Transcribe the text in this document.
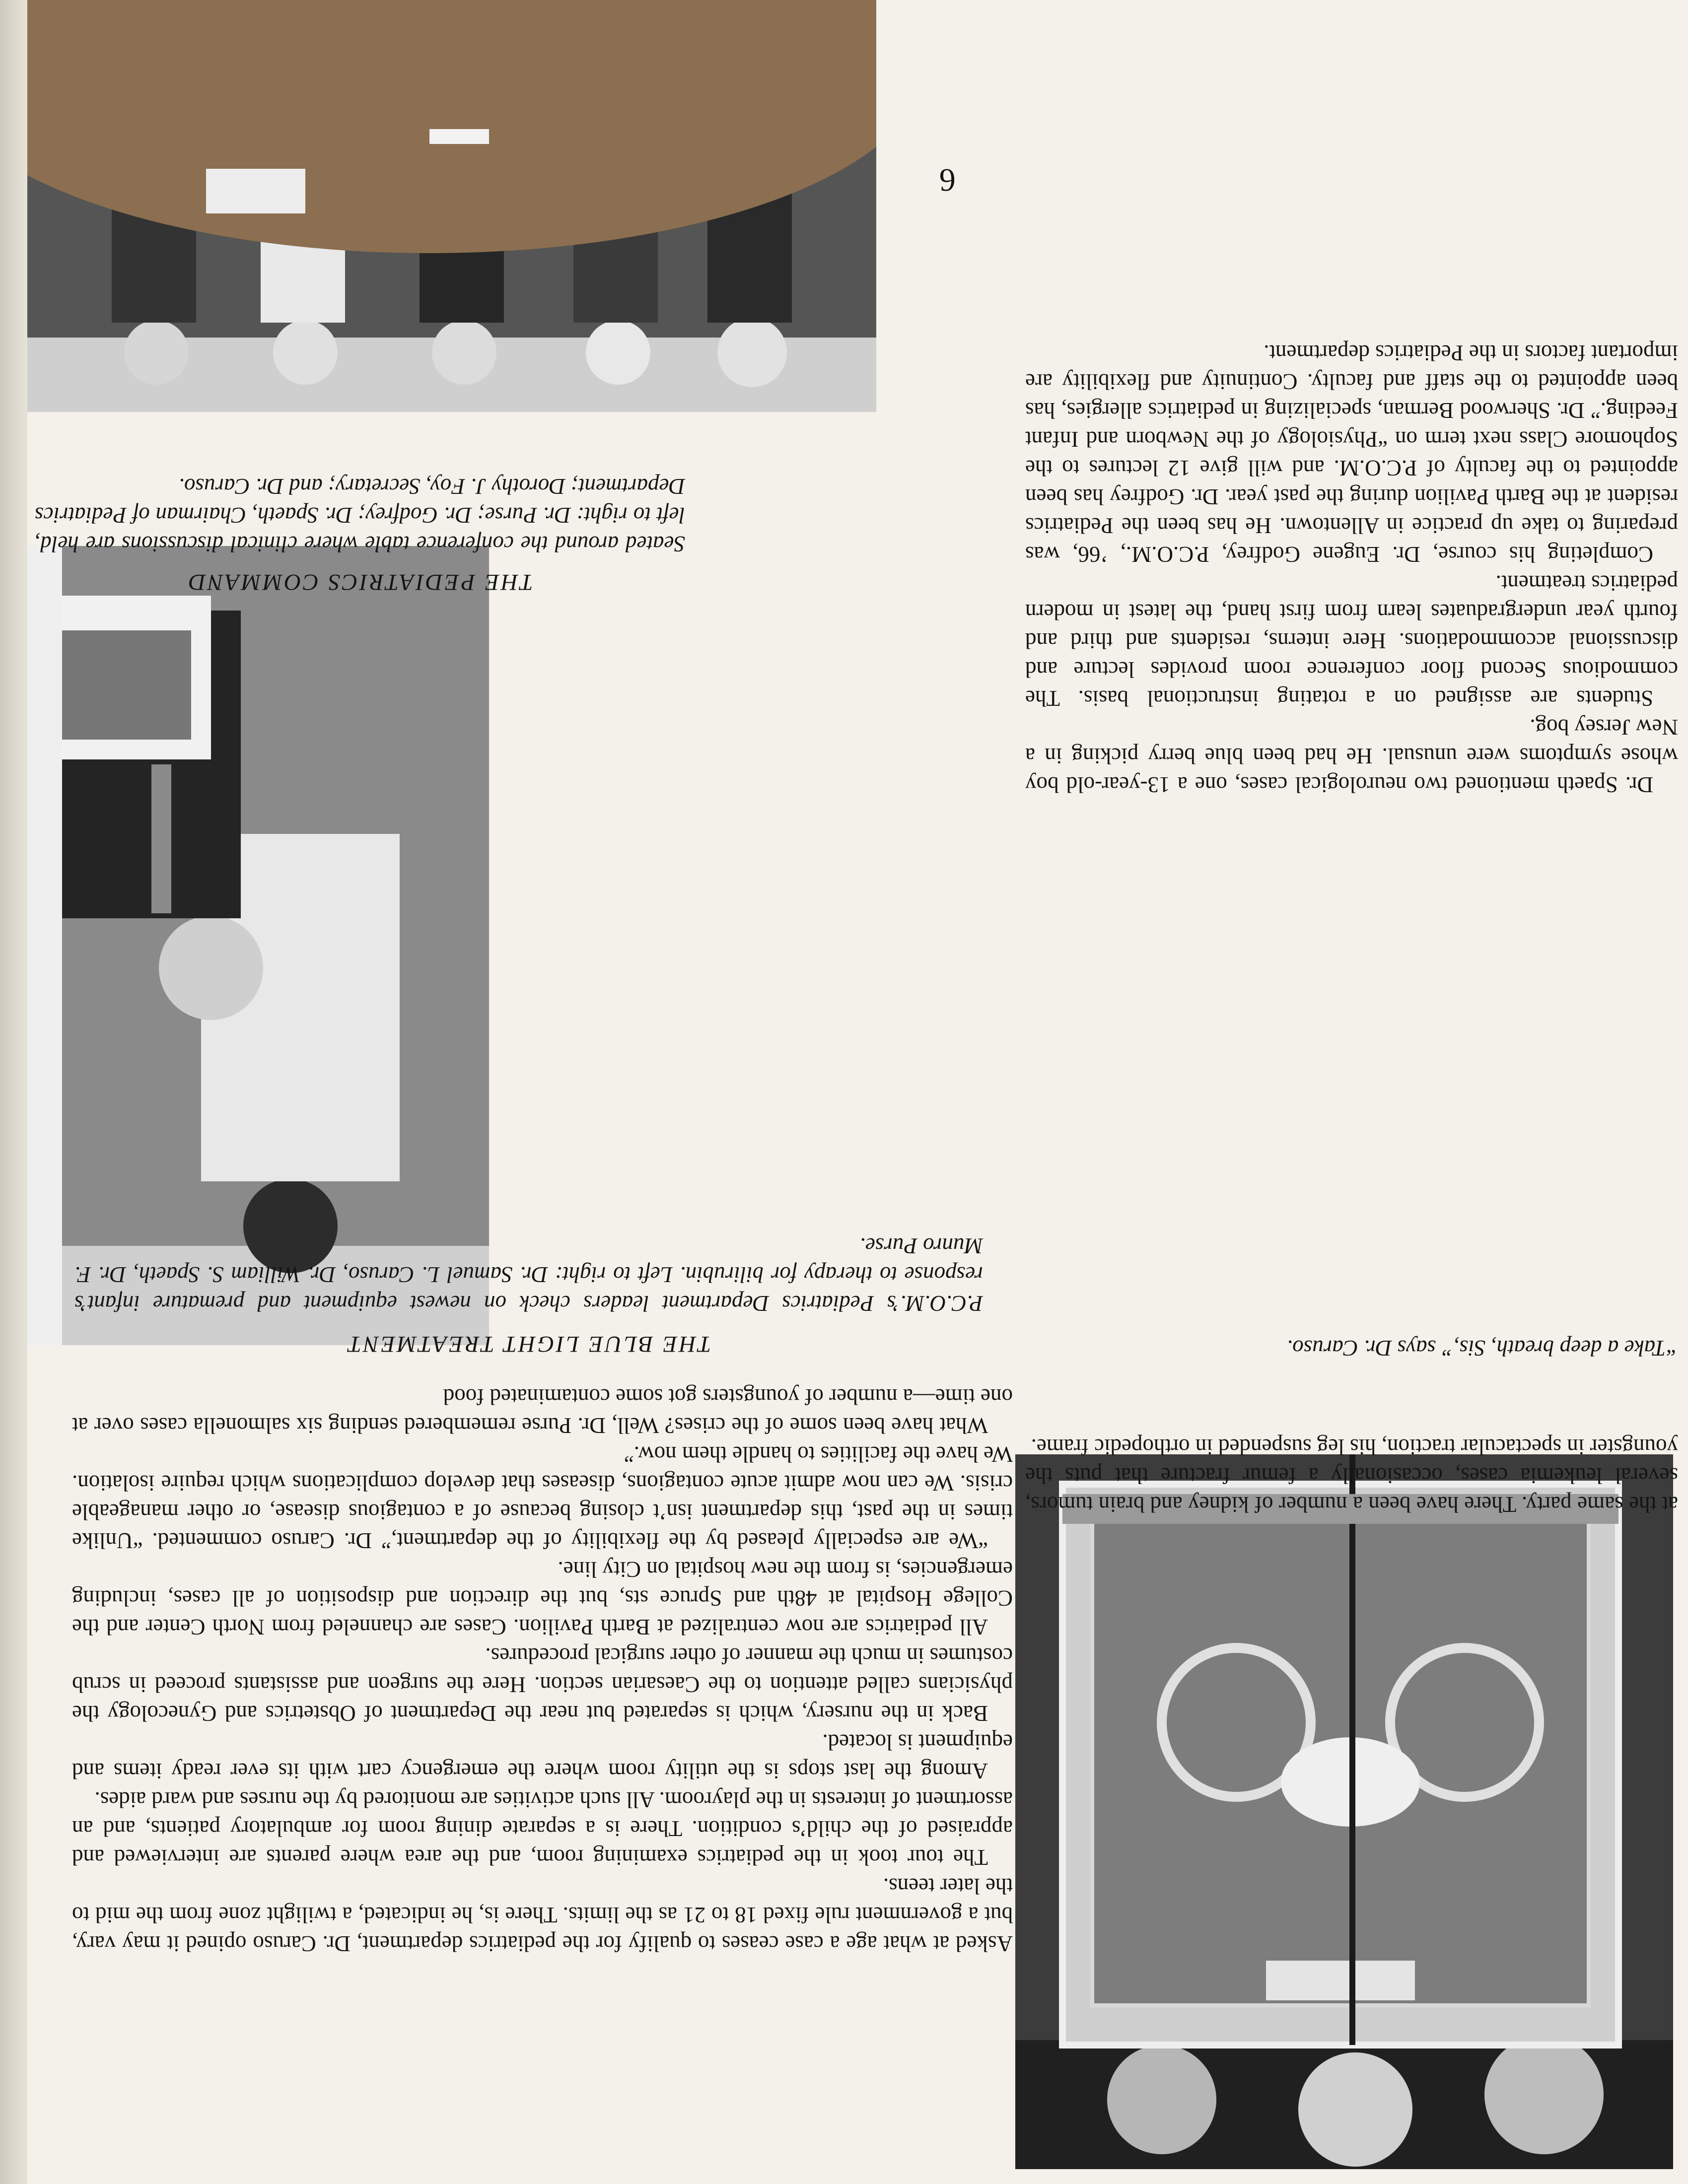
Asked at what age a case ceases to qualify for the pediatrics department, Dr. Caruso opined it may vary, but a government rule fixed 18 to 21 as the limits. There is, he indicated, a twilight zone from the mid to the later teens.

The tour took in the pediatrics examining room, and the area where parents are interviewed and appraised of the child’s condition. There is a separate dining room for ambulatory patients, and an assortment of interests in the playroom. All such activities are monitored by the nurses and ward aides.

Among the last stops is the utility room where the emergency cart with its ever ready items and equipment is located.

Back in the nursery, which is separated but near the Department of Obstetrics and Gynecology the physicians called attention to the Caesarian section. Here the surgeon and assistants proceed in scrub costumes in much the manner of other surgical procedures.

All pediatrics are now centralized at Barth Pavilion. Cases are channeled from North Center and the College Hospital at 48th and Spruce sts, but the direction and disposition of all cases, including emergencies, is from the new hospital on City line.

“We are especially pleased by the flexibility of the department,” Dr. Caruso commented. “Unlike times in the past, this department isn’t closing because of a contagious disease, or other manageable crisis. We can now admit acute contagions, diseases that develop complications which require isolation. We have the facilities to handle them now.”

What have been some of the crises? Well, Dr. Purse remembered sending six salmonella cases over at one time—a number of youngsters got some contaminated food

THE BLUE LIGHT TREATMENT
P.C.O.M.’s Pediatrics Department leaders check on newest equipment and premature infant’s response to therapy for bilirubin. Left to right: Dr. Samuel L. Caruso, Dr. William S. Spaeth, Dr. F. Munro Purse.
6

at the same party. There have been a number of kidney and brain tumors, several leukemia cases, occasionally a femur fracture that puts the youngster in spectacular traction, his leg suspended in orthopedic frame.

“Take a deep breath, Sis,” says Dr. Caruso.

Dr. Spaeth mentioned two neurological cases, one a 13-year-old boy whose symptoms were unusual. He had been blue berry picking in a New Jersey bog.

Students are assigned on a rotating instructional basis. The commodious Second floor conference room provides lecture and discussional accommodations. Here interns, residents and third and fourth year undergraduates learn from first hand, the latest in modern pediatrics treatment.

Completing his course, Dr. Eugene Godfrey, P.C.O.M., ’66, was preparing to take up practice in Allentown. He has been the Pediatrics resident at the Barth Pavilion during the past year. Dr. Godfrey has been appointed to the faculty of P.C.O.M. and will give 12 lectures to the Sophomore Class next term on “Physiology of the Newborn and Infant Feeding.” Dr. Sherwood Berman, specializing in pediatrics allergies, has been appointed to the staff and faculty. Continuity and flexibility are important factors in the Pediatrics department.

THE PEDIATRICS COMMAND
Seated around the conference table where clinical discussions are held, left to right: Dr. Purse; Dr. Godfrey; Dr. Spaeth, Chairman of Pediatrics Department; Dorothy J. Foy, Secretary; and Dr. Caruso.
